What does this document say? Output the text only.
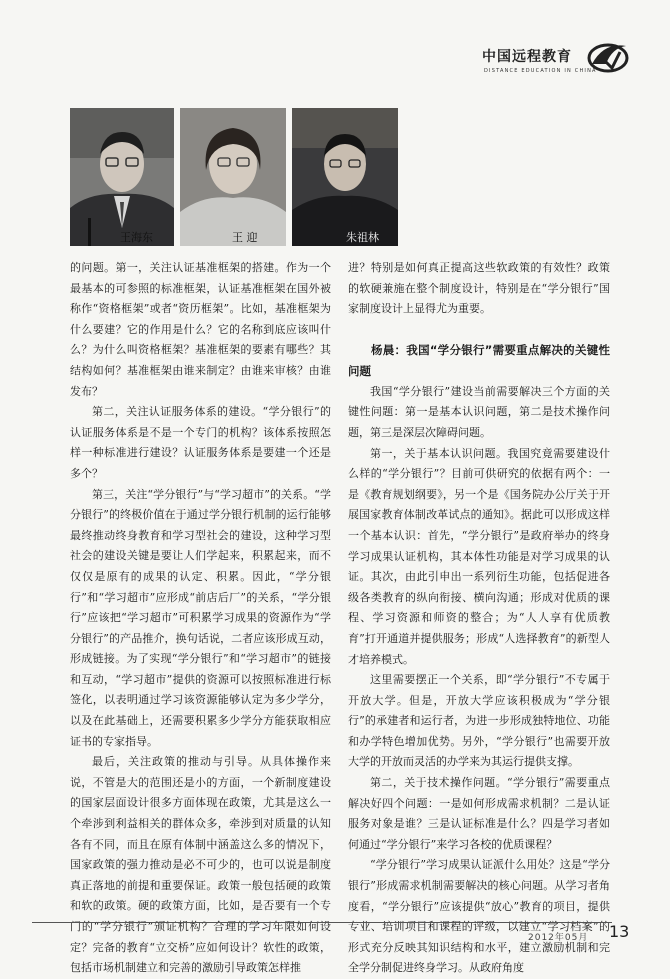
中国远程教育
DISTANCE EDUCATION IN CHINA
王海东	王 迎	朱祖林

的问题。第一，关注认证基准框架的搭建。作为一个最基本的可参照的标准框架，认证基准框架在国外被称作“资格框架”或者“资历框架”。比如，基准框架为什么要建？它的作用是什么？它的名称到底应该叫什么？为什么叫资格框架？基准框架的要素有哪些？其结构如何？基准框架由谁来制定？由谁来审核？由谁发布？

第二，关注认证服务体系的建设。“学分银行”的认证服务体系是不是一个专门的机构？该体系按照怎样一种标准进行建设？认证服务体系是要建一个还是多个？

第三，关注“学分银行”与“学习超市”的关系。“学分银行”的终极价值在于通过学分银行机制的运行能够最终推动终身教育和学习型社会的建设，这种学习型社会的建设关键是要让人们学起来，积累起来，而不仅仅是原有的成果的认定、积累。因此，“学分银行”和“学习超市”应形成“前店后厂”的关系，“学分银行”应该把“学习超市”可积累学习成果的资源作为“学分银行”的产品推介，换句话说，二者应该形成互动，形成链接。为了实现“学分银行”和“学习超市”的链接和互动，“学习超市”提供的资源可以按照标准进行标签化，以表明通过学习该资源能够认定为多少学分，以及在此基础上，还需要积累多少学分方能获取相应证书的专家指导。

最后，关注政策的推动与引导。从具体操作来说，不管是大的范围还是小的方面，一个新制度建设的国家层面设计很多方面体现在政策，尤其是这么一个牵涉到利益相关的群体众多，牵涉到对质量的认知各有不同，而且在原有体制中涵盖这么多的情况下，国家政策的强力推动是必不可少的，也可以说是制度真正落地的前提和重要保证。政策一般包括硬的政策和软的政策。硬的政策方面，比如，是否要有一个专门的“学分银行”颁证机构？合理的学习年限如何设定？完备的教育“立交桥”应如何设计？软性的政策，包括市场机制建立和完善的激励引导政策怎样推

进？特别是如何真正提高这些软政策的有效性？政策的软硬兼施在整个制度设计，特别是在“学分银行”国家制度设计上显得尤为重要。

杨晨：我国“学分银行”需要重点解决的关键性问题

我国“学分银行”建设当前需要解决三个方面的关键性问题：第一是基本认识问题，第二是技术操作问题，第三是深层次障碍问题。

第一，关于基本认识问题。我国究竟需要建设什么样的“学分银行”？目前可供研究的依据有两个：一是《教育规划纲要》，另一个是《国务院办公厅关于开展国家教育体制改革试点的通知》。据此可以形成这样一个基本认识：首先，“学分银行”是政府举办的终身学习成果认证机构，其本体性功能是对学习成果的认证。其次，由此引申出一系列衍生功能，包括促进各级各类教育的纵向衔接、横向沟通；形成对优质的课程、学习资源和师资的整合；为“人人享有优质教育”打开通道并提供服务；形成“人选择教育”的新型人才培养模式。

这里需要摆正一个关系，即“学分银行”不专属于开放大学。但是，开放大学应该积极成为“学分银行”的承建者和运行者，为进一步形成独特地位、功能和办学特色增加优势。另外，“学分银行”也需要开放大学的开放而灵活的办学来为其运行提供支撑。

第二，关于技术操作问题。“学分银行”需要重点解决好四个问题：一是如何形成需求机制？二是认证服务对象是谁？三是认证标准是什么？四是学习者如何通过“学分银行”来学习各校的优质课程？

“学分银行”学习成果认证派什么用处？这是“学分银行”形成需求机制需要解决的核心问题。从学习者角度看，“学分银行”应该提供“放心”教育的项目，提供专业、培训项目和课程的评级，以建立“学习档案”的形式充分反映其知识结构和水平，建立激励机制和完全学分制促进终身学习。从政府角度

2012年05月 13
